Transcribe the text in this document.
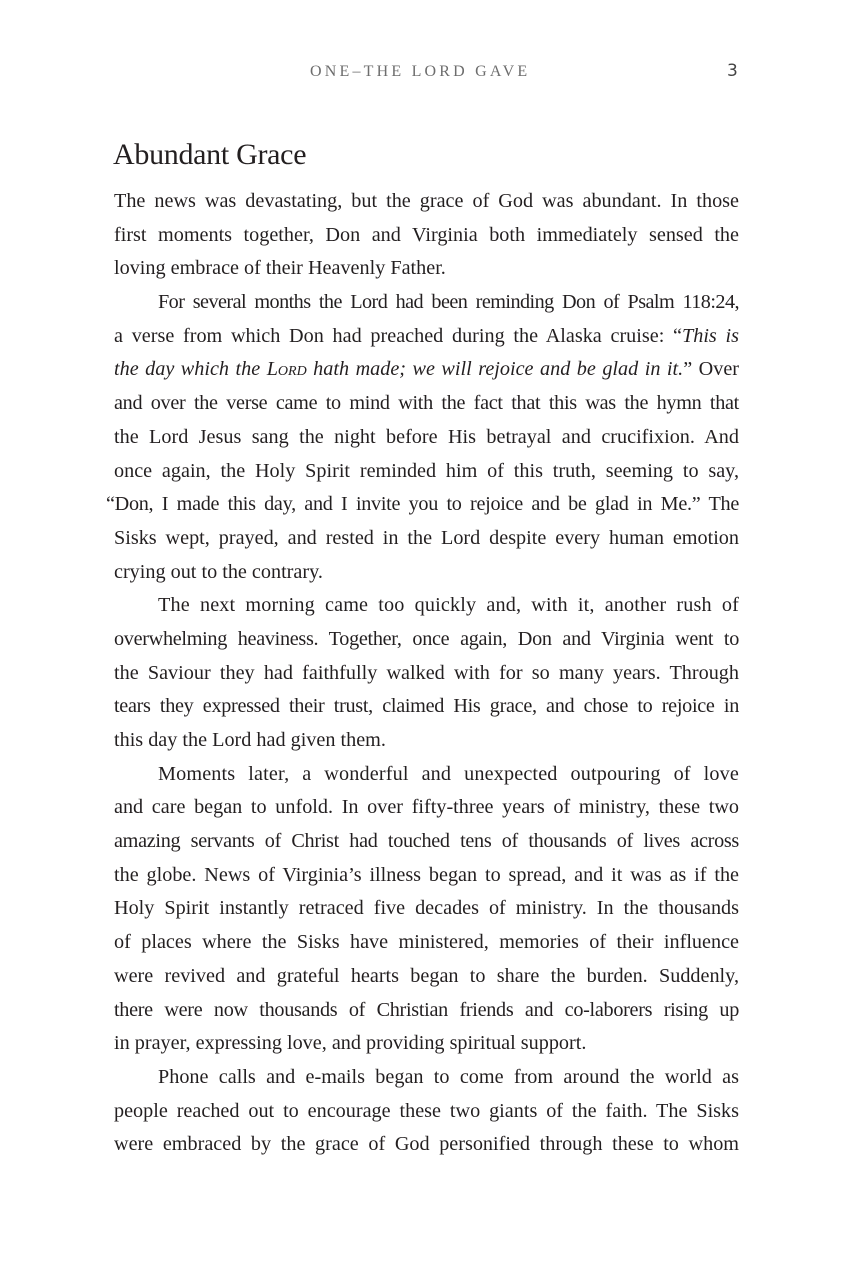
ONE–THE LORD GAVE	3
Abundant Grace
The news was devastating, but the grace of God was abundant. In those
first moments together, Don and Virginia both immediately sensed the
loving embrace of their Heavenly Father.
For several months the Lord had been reminding Don of Psalm 118:24,
a verse from which Don had preached during the Alaska cruise: “This is
the day which the Lord hath made; we will rejoice and be glad in it.” Over
and over the verse came to mind with the fact that this was the hymn that
the Lord Jesus sang the night before His betrayal and crucifixion. And
once again, the Holy Spirit reminded him of this truth, seeming to say,
“Don, I made this day, and I invite you to rejoice and be glad in Me.” The
Sisks wept, prayed, and rested in the Lord despite every human emotion
crying out to the contrary.
The next morning came too quickly and, with it, another rush of
overwhelming heaviness. Together, once again, Don and Virginia went to
the Saviour they had faithfully walked with for so many years. Through
tears they expressed their trust, claimed His grace, and chose to rejoice in
this day the Lord had given them.
Moments later, a wonderful and unexpected outpouring of love
and care began to unfold. In over fifty-three years of ministry, these two
amazing servants of Christ had touched tens of thousands of lives across
the globe. News of Virginia’s illness began to spread, and it was as if the
Holy Spirit instantly retraced five decades of ministry. In the thousands
of places where the Sisks have ministered, memories of their influence
were revived and grateful hearts began to share the burden. Suddenly,
there were now thousands of Christian friends and co-laborers rising up
in prayer, expressing love, and providing spiritual support.
Phone calls and e-mails began to come from around the world as
people reached out to encourage these two giants of the faith. The Sisks
were embraced by the grace of God personified through these to whom
